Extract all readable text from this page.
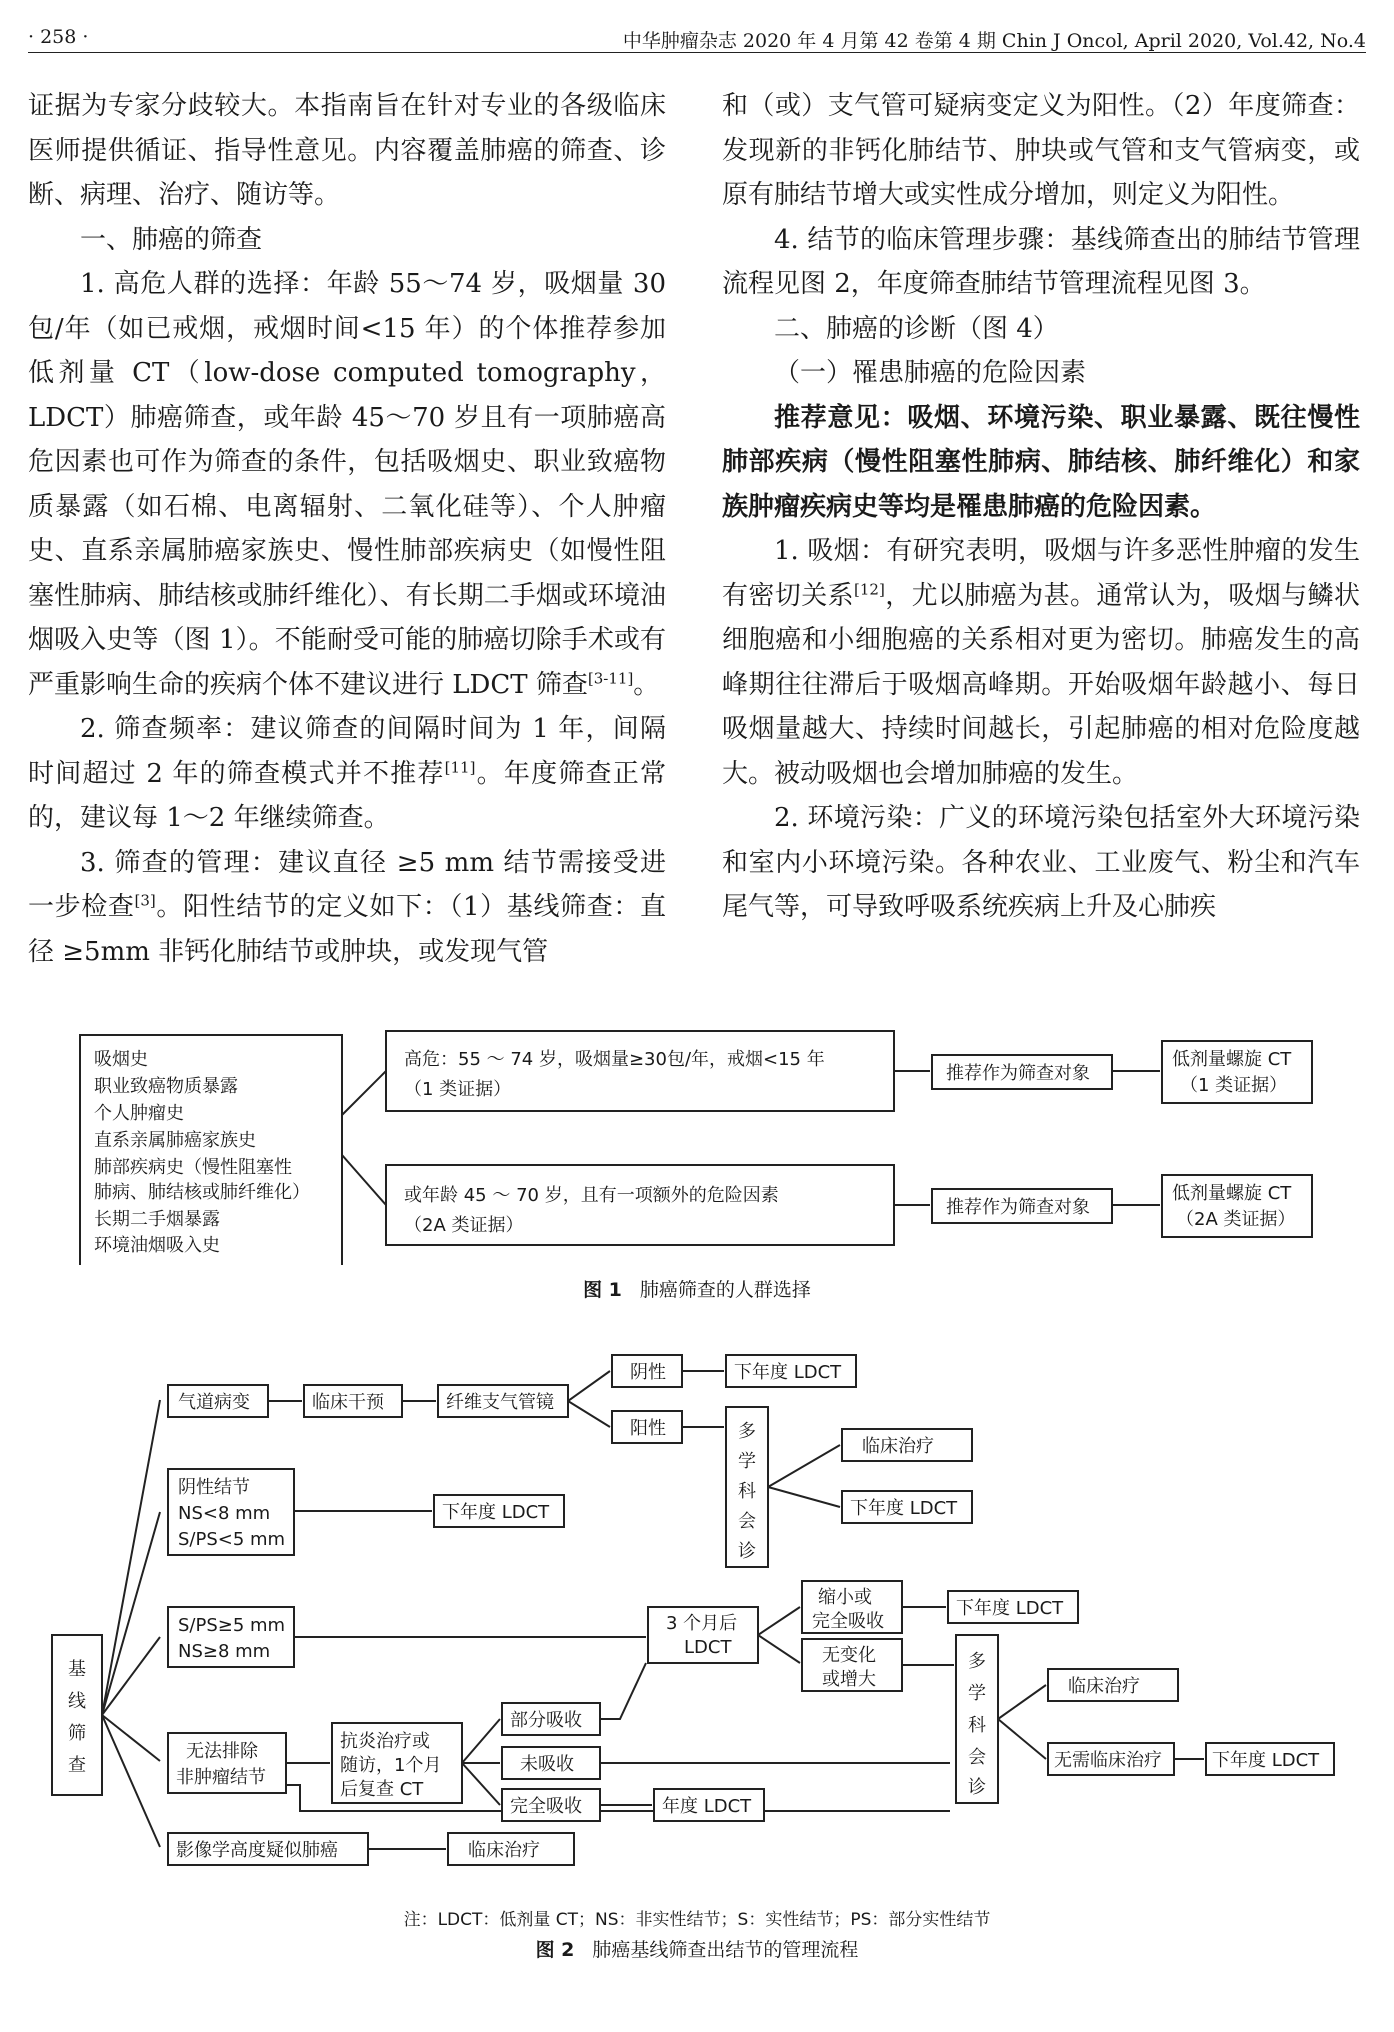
· 258 ·	中华肿瘤杂志 2020 年 4 月第 42 卷第 4 期 Chin J Oncol, April 2020, Vol.42, No.4

证据为专家分歧较大。本指南旨在针对专业的各级临床医师提供循证、指导性意见。内容覆盖肺癌的筛查、诊断、病理、治疗、随访等。

一、肺癌的筛查

1. 高危人群的选择：年龄 55～74 岁，吸烟量 30 包/年（如已戒烟，戒烟时间<15 年）的个体推荐参加低剂量 CT（low-dose computed tomography，LDCT）肺癌筛查，或年龄 45～70 岁且有一项肺癌高危因素也可作为筛查的条件，包括吸烟史、职业致癌物质暴露（如石棉、电离辐射、二氧化硅等）、个人肿瘤史、直系亲属肺癌家族史、慢性肺部疾病史（如慢性阻塞性肺病、肺结核或肺纤维化）、有长期二手烟或环境油烟吸入史等（图 1）。不能耐受可能的肺癌切除手术或有严重影响生命的疾病个体不建议进行 LDCT 筛查[3-11]。

2. 筛查频率：建议筛查的间隔时间为 1 年，间隔时间超过 2 年的筛查模式并不推荐[11]。年度筛查正常的，建议每 1～2 年继续筛查。

3. 筛查的管理：建议直径 ≥5 mm 结节需接受进一步检查[3]。阳性结节的定义如下：（1）基线筛查：直径 ≥5mm 非钙化肺结节或肿块，或发现气管

和（或）支气管可疑病变定义为阳性。（2）年度筛查：发现新的非钙化肺结节、肿块或气管和支气管病变，或原有肺结节增大或实性成分增加，则定义为阳性。

4. 结节的临床管理步骤：基线筛查出的肺结节管理流程见图 2，年度筛查肺结节管理流程见图 3。

二、肺癌的诊断（图 4）

（一）罹患肺癌的危险因素

推荐意见：吸烟、环境污染、职业暴露、既往慢性肺部疾病（慢性阻塞性肺病、肺结核、肺纤维化）和家族肿瘤疾病史等均是罹患肺癌的危险因素。

1. 吸烟：有研究表明，吸烟与许多恶性肿瘤的发生有密切关系[12]，尤以肺癌为甚。通常认为，吸烟与鳞状细胞癌和小细胞癌的关系相对更为密切。肺癌发生的高峰期往往滞后于吸烟高峰期。开始吸烟年龄越小、每日吸烟量越大、持续时间越长，引起肺癌的相对危险度越大。被动吸烟也会增加肺癌的发生。

2. 环境污染：广义的环境污染包括室外大环境污染和室内小环境污染。各种农业、工业废气、粉尘和汽车尾气等，可导致呼吸系统疾病上升及心肺疾

吸烟史
职业致癌物质暴露
个人肿瘤史
直系亲属肺癌家族史
肺部疾病史（慢性阻塞性
肺病、肺结核或肺纤维化）
长期二手烟暴露
环境油烟吸入史
高危：55 ～ 74 岁，吸烟量≥30包/年，戒烟<15 年
（1 类证据）
或年龄 45 ～ 70 岁，且有一项额外的危险因素
（2A 类证据）
推荐作为筛查对象
推荐作为筛查对象
低剂量螺旋 CT
（1 类证据）
低剂量螺旋 CT
（2A 类证据）
图 1 肺癌筛查的人群选择
基
线
筛
查
气道病变	临床干预	纤维支气管镜
阴性
阳性
下年度 LDCT
多
学
科
会
诊
临床治疗
下年度 LDCT
阴性结节
NS<8 mm
S/PS<5 mm
下年度 LDCT
S/PS≥5 mm
NS≥8 mm
3 个月后
LDCT
缩小或
完全吸收
下年度 LDCT
无变化
或增大
多
学
科
会
诊
临床治疗
无需临床治疗	下年度 LDCT
无法排除
非肿瘤结节
抗炎治疗或
随访，1个月
后复查 CT
部分吸收
未吸收
完全吸收	年度 LDCT
影像学高度疑似肺癌	临床治疗
注：LDCT：低剂量 CT；NS：非实性结节；S：实性结节；PS：部分实性结节
图 2 肺癌基线筛查出结节的管理流程
